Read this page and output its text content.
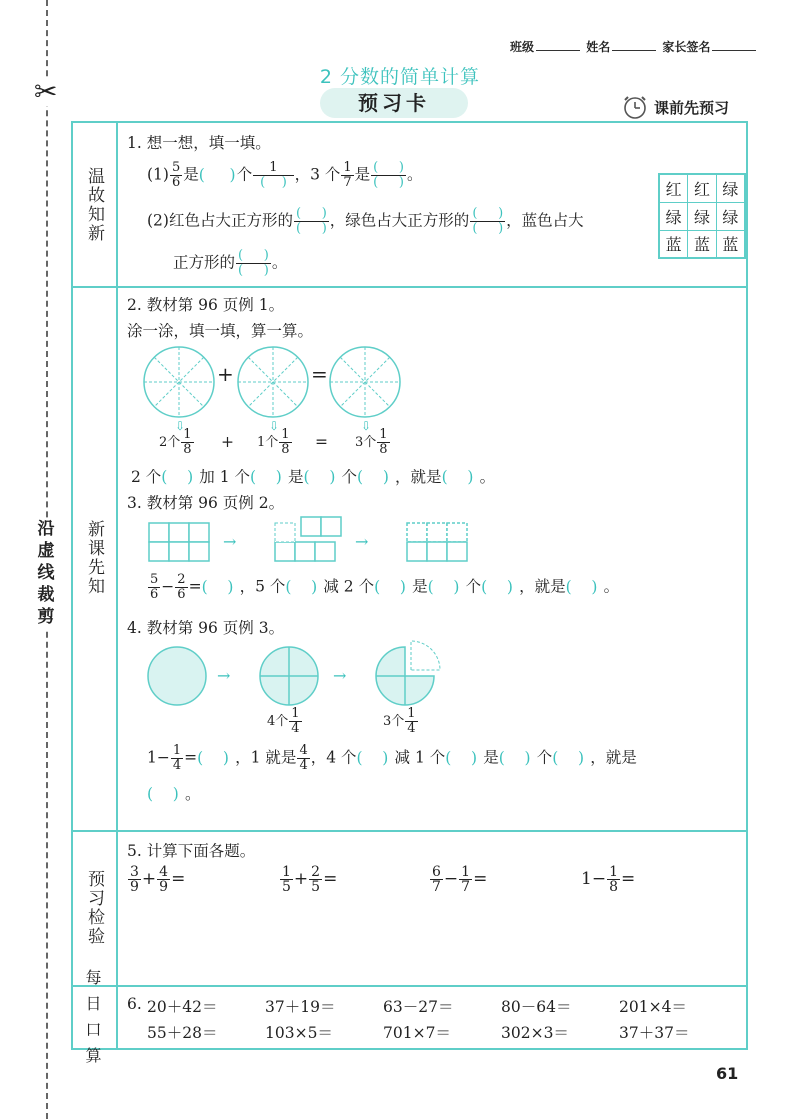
✂
沿虚线裁剪
班级	姓名	家长签名
2 分数的简单计算
预习卡	课前先预习
温故知新
新课先知
预习检验
每日口算
1. 想一想，填一填。
$(1) \frac{5}{6}$ 是( )个 $\frac{1}{( )}$ ，3 个 $\frac{1}{7}$ 是 $\frac{( )}{( )}$ 。
(2)红色占大正方形的 $\frac{( )}{( )}$ ，绿色占大正方形的 $\frac{( )}{( )}$ ，蓝色占大
正方形的 $\frac{( )}{( )}$ 。
红	红	绿
绿	绿	绿
蓝	蓝	蓝
2. 教材第 96 页例 1。
涂一涂，填一填，算一算。
⇩	⇩	⇩
+	=
2个 $\frac{1}{8} + 1$个 $\frac{1}{8} = 3$个 $\frac{1}{8}$
2 个( ) 加 1 个( ) 是( ) 个( ) ，就是( ) 。
3. 教材第 96 页例 2。
→	→
$\frac{5}{6} - \frac{2}{6}$ =( ) ，5 个( ) 减 2 个( ) 是( ) 个( ) ，就是( ) 。
4. 教材第 96 页例 3。
→	→
4个 $\frac{1}{4}$	3个 $\frac{1}{4}$
$1- \frac{1}{4}$ =( ) ，1 就是 $\frac{4}{4}$ ，4 个( ) 减 1 个( ) 是( ) 个( ) ，就是
( ) 。
5. 计算下面各题。
$\frac{3}{9} + \frac{4}{9}$ =	$\frac{1}{5} + \frac{2}{5}$ =	$\frac{6}{7} - \frac{1}{7}$ =	$1- \frac{1}{8}$ =
6. 20＋42＝	37＋19＝	63－27＝	80－64＝	201×4＝
55＋28＝	103×5＝	701×7＝	302×3＝	37＋37＝
61
